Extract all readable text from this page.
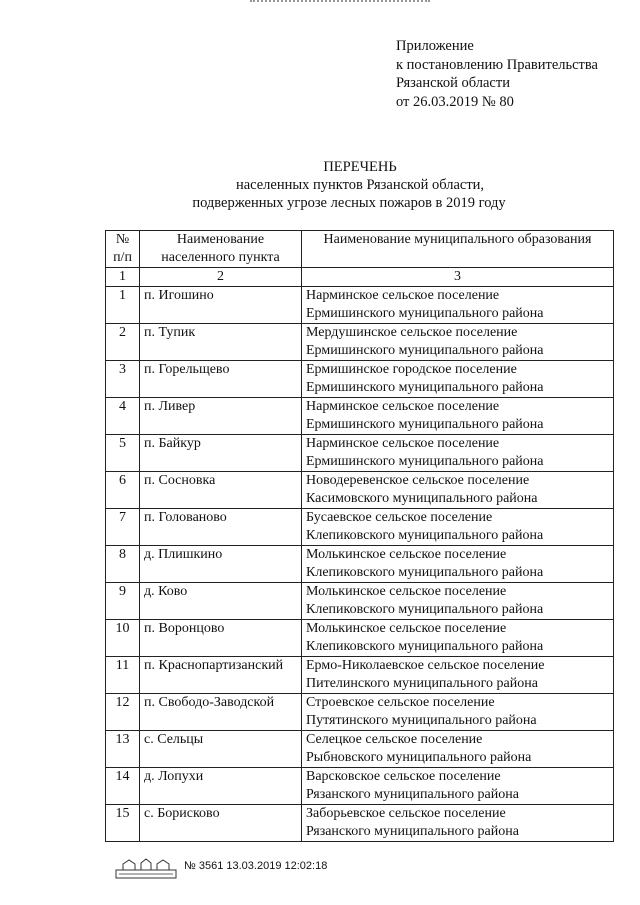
Приложение
к постановлению Правительства
Рязанской области
от 26.03.2019 № 80
ПЕРЕЧЕНЬ
населенных пунктов Рязанской области,
подверженных угрозе лесных пожаров в 2019 году
№ п/п	Наименование населенного пункта	Наименование муниципального образования
1	2	3
1	п. Игошино	Нарминское сельское поселение
Ермишинского муниципального района

2	п. Тупик	Мердушинское сельское поселение
Ермишинского муниципального района

3	п. Горельщево	Ермишинское городское поселение
Ермишинского муниципального района

4	п. Ливер	Нарминское сельское поселение
Ермишинского муниципального района

5	п. Байкур	Нарминское сельское поселение
Ермишинского муниципального района

6	п. Сосновка	Новодеревенское сельское поселение
Касимовского муниципального района

7	п. Голованово	Бусаевское сельское поселение
Клепиковского муниципального района

8	д. Плишкино	Молькинское сельское поселение
Клепиковского муниципального района

9	д. Ково	Молькинское сельское поселение
Клепиковского муниципального района

10	п. Воронцово	Молькинское сельское поселение
Клепиковского муниципального района

11	п. Краснопартизанский	Ермо-Николаевское сельское поселение
Пителинского муниципального района

12	п. Свободо-Заводской	Строевское сельское поселение
Путятинского муниципального района

13	с. Сельцы	Селецкое сельское поселение
Рыбновского муниципального района

14	д. Лопухи	Варсковское сельское поселение
Рязанского муниципального района

15	с. Борисково	Заборьевское сельское поселение
Рязанского муниципального района
№ 3561 13.03.2019 12:02:18
